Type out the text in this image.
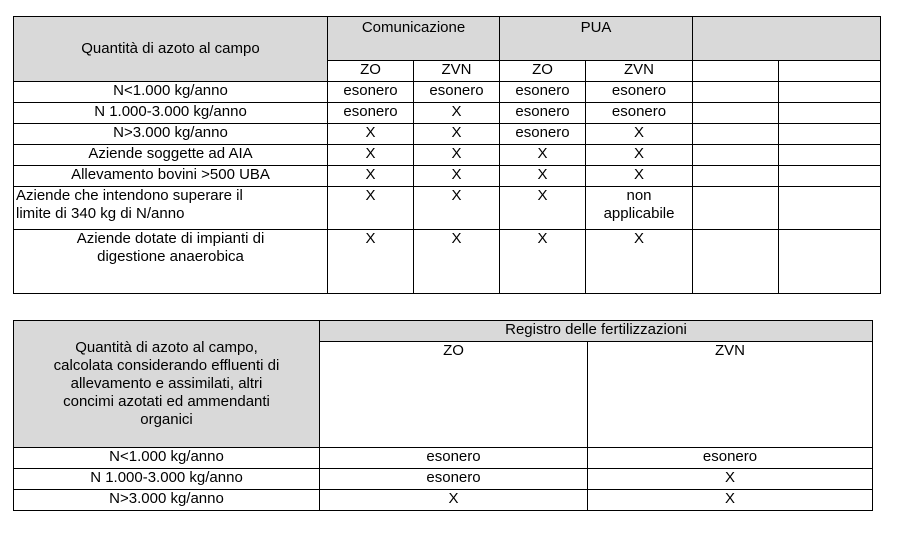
Quantità di azoto al campo	Comunicazione		PUA			
	ZO	ZVN	ZO	ZVN		
N<1.000 kg/anno	esonero	esonero	esonero	esonero		
N 1.000-3.000 kg/anno	esonero	X	esonero	esonero		
N>3.000 kg/anno	X	X	esonero	X		
Aziende soggette ad AIA	X	X	X	X		
Allevamento bovini >500 UBA	X	X	X	X		

Aziende che intendono superare il
limite di 340 kg di N/anno	X	X	X	non
applicabile		

Aziende dotate di impianti di
digestione anaerobica	X	X	X	X		
Quantità di azoto al campo,
calcolata considerando effluenti di
allevamento e assimilati, altri
concimi azotati ed ammendanti
organici	Registro delle fertilizzazioni	
	ZO	ZVN
N<1.000 kg/anno	esonero	esonero
N 1.000-3.000 kg/anno	esonero	X
N>3.000 kg/anno	X	X
